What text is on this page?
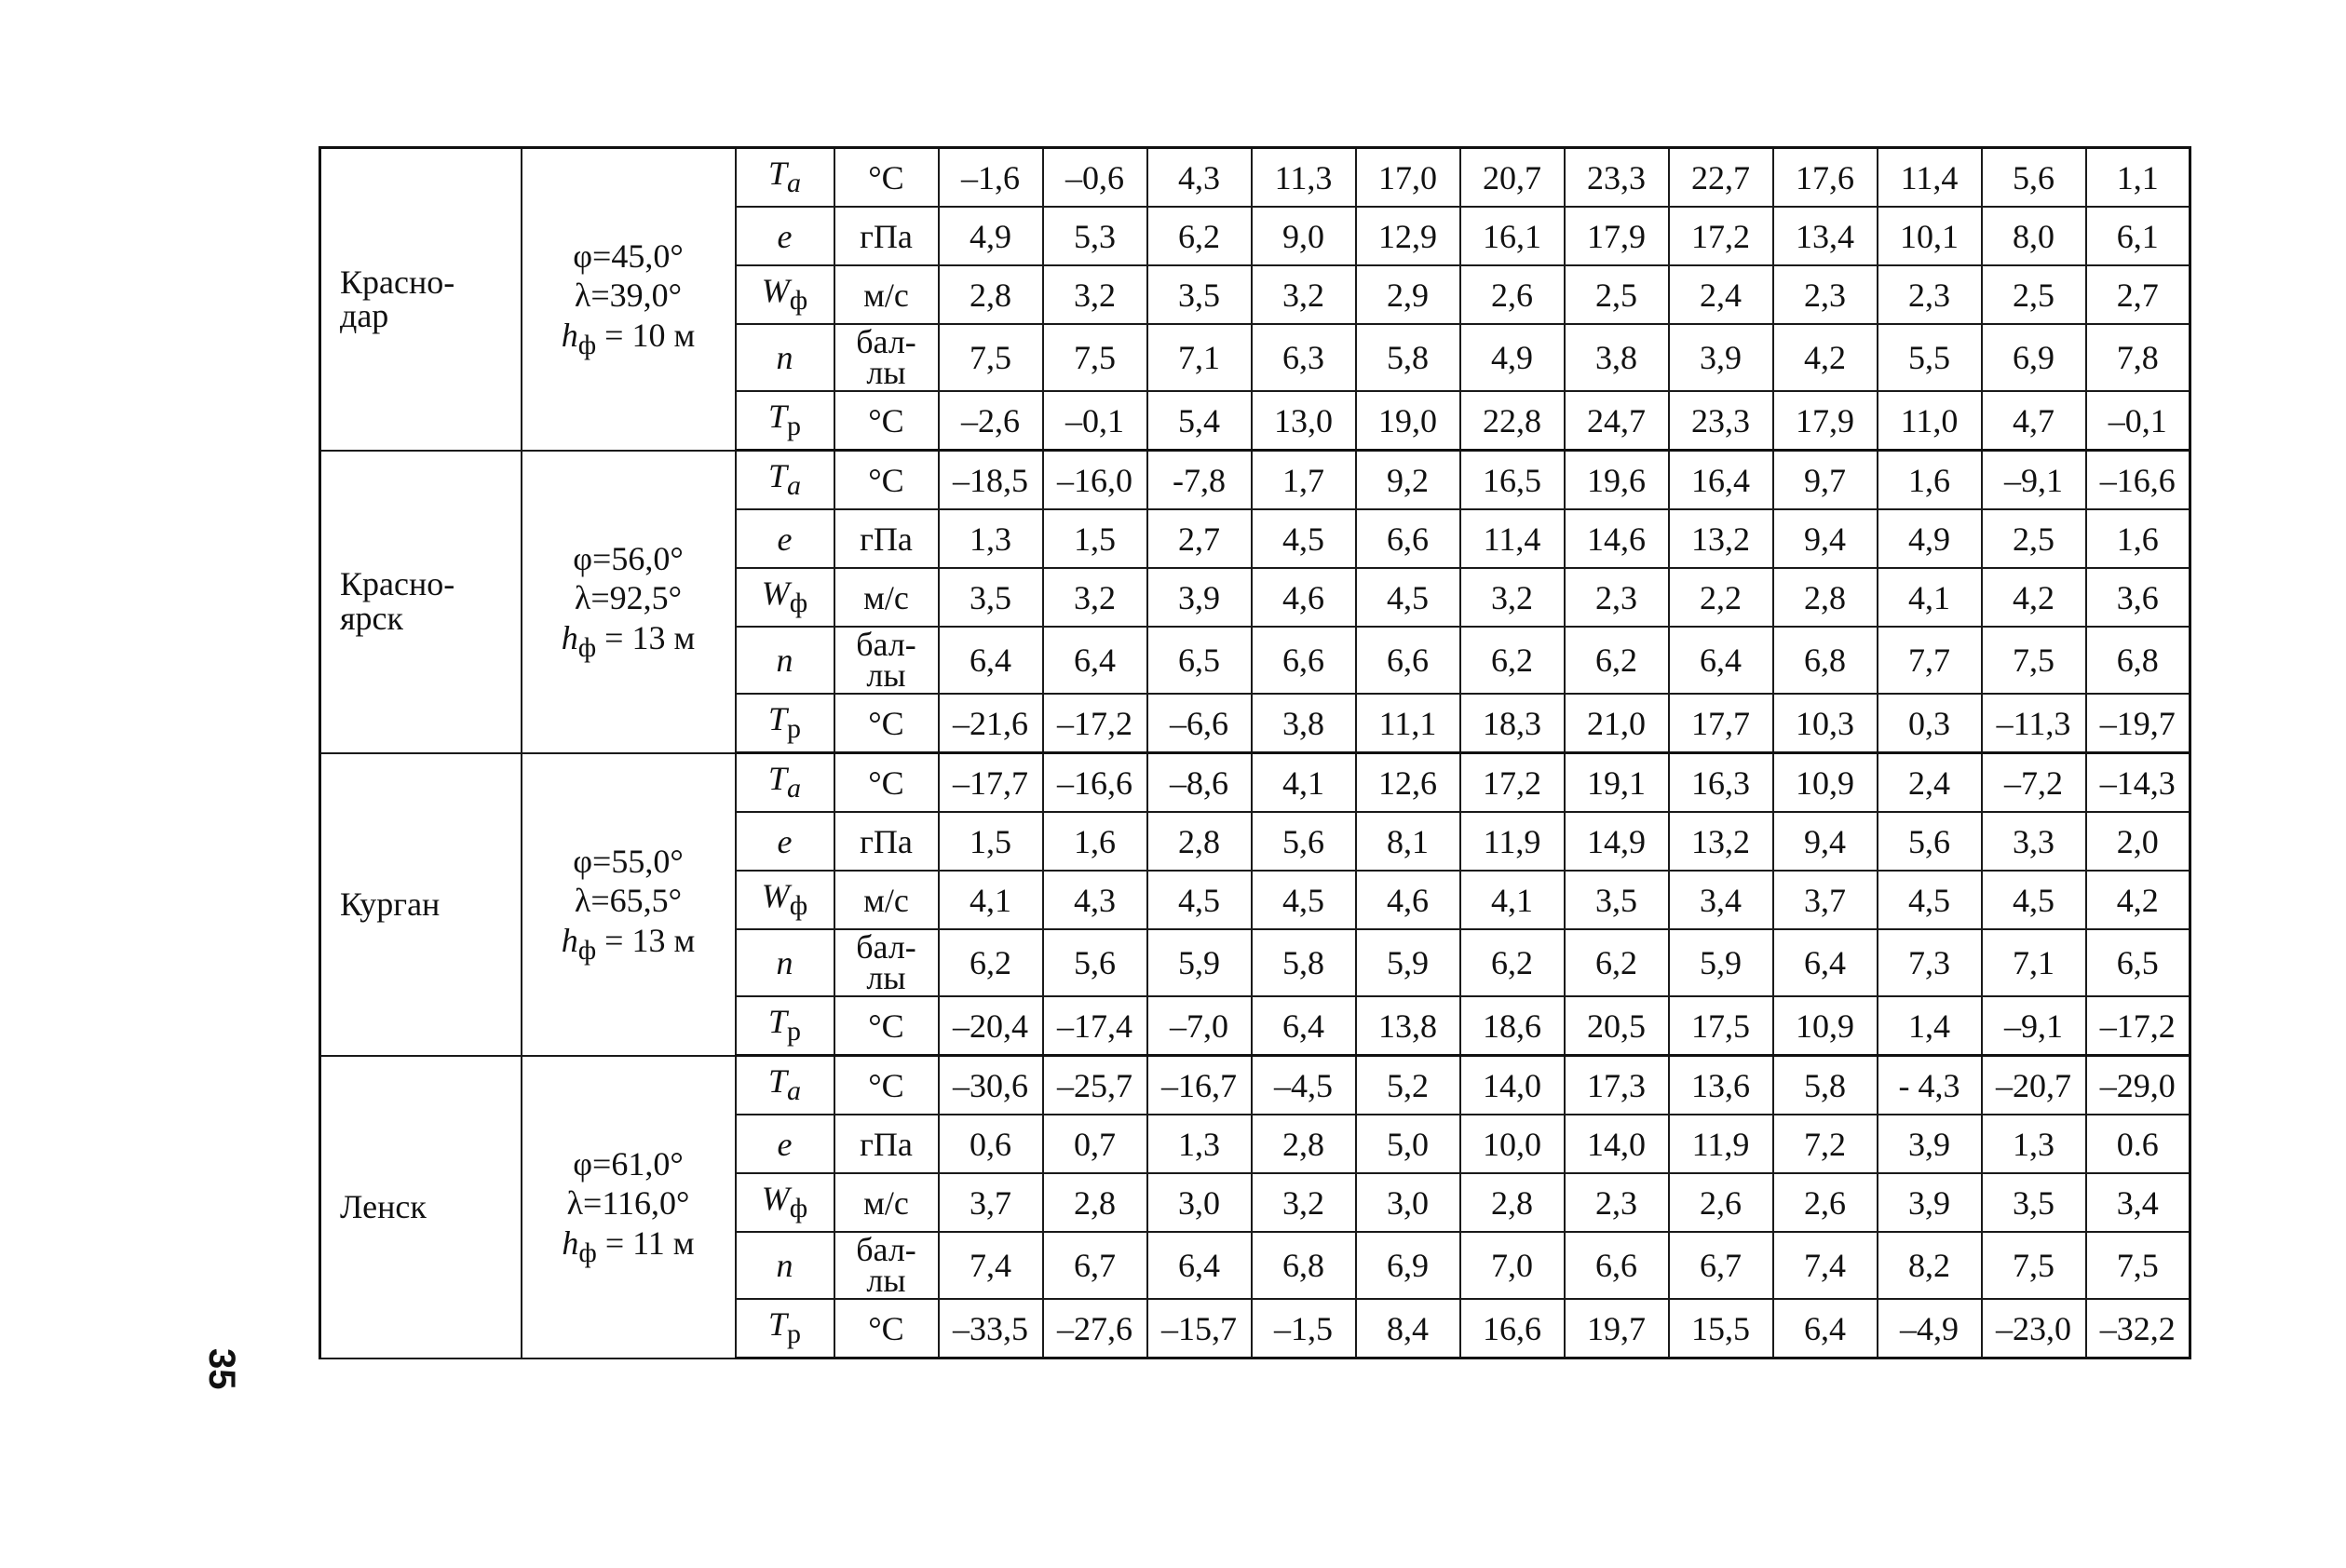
35
Красно-
дар	φ=45,0°
λ=39,0°
$h_ф = 10$ м	$T_a$	°С	–1,6	–0,6	4,3	11,3	17,0	20,7	23,3	22,7	17,6	11,4	5,6	1,1
		e	гПа	4,9	5,3	6,2	9,0	12,9	16,1	17,9	17,2	13,4	10,1	8,0	6,1
		$W_ф$	м/с	2,8	3,2	3,5	3,2	2,9	2,6	2,5	2,4	2,3	2,3	2,5	2,7
		n	бал-
лы	7,5	7,5	7,1	6,3	5,8	4,9	3,8	3,9	4,2	5,5	6,9	7,8
		$T_р$	°С	–2,6	–0,1	5,4	13,0	19,0	22,8	24,7	23,3	17,9	11,0	4,7	–0,1

Красно-
ярск	φ=56,0°
λ=92,5°
$h_ф = 13$ м	$T_a$	°С	–18,5	–16,0	-7,8	1,7	9,2	16,5	19,6	16,4	9,7	1,6	–9,1	–16,6
		e	гПа	1,3	1,5	2,7	4,5	6,6	11,4	14,6	13,2	9,4	4,9	2,5	1,6
		$W_ф$	м/с	3,5	3,2	3,9	4,6	4,5	3,2	2,3	2,2	2,8	4,1	4,2	3,6
		n	бал-
лы	6,4	6,4	6,5	6,6	6,6	6,2	6,2	6,4	6,8	7,7	7,5	6,8
		$T_р$	°С	–21,6	–17,2	–6,6	3,8	11,1	18,3	21,0	17,7	10,3	0,3	–11,3	–19,7

Курган	φ=55,0°
λ=65,5°
$h_ф = 13$ м	$T_a$	°С	–17,7	–16,6	–8,6	4,1	12,6	17,2	19,1	16,3	10,9	2,4	–7,2	–14,3
		e	гПа	1,5	1,6	2,8	5,6	8,1	11,9	14,9	13,2	9,4	5,6	3,3	2,0
		$W_ф$	м/с	4,1	4,3	4,5	4,5	4,6	4,1	3,5	3,4	3,7	4,5	4,5	4,2
		n	бал-
лы	6,2	5,6	5,9	5,8	5,9	6,2	6,2	5,9	6,4	7,3	7,1	6,5
		$T_р$	°С	–20,4	–17,4	–7,0	6,4	13,8	18,6	20,5	17,5	10,9	1,4	–9,1	–17,2

Ленск	φ=61,0°
λ=116,0°
$h_ф = 11$ м	$T_a$	°С	–30,6	–25,7	–16,7	–4,5	5,2	14,0	17,3	13,6	5,8	- 4,3	–20,7	–29,0
		e	гПа	0,6	0,7	1,3	2,8	5,0	10,0	14,0	11,9	7,2	3,9	1,3	0.6
		$W_ф$	м/с	3,7	2,8	3,0	3,2	3,0	2,8	2,3	2,6	2,6	3,9	3,5	3,4
		n	бал-
лы	7,4	6,7	6,4	6,8	6,9	7,0	6,6	6,7	7,4	8,2	7,5	7,5
		$T_р$	°С	–33,5	–27,6	–15,7	–1,5	8,4	16,6	19,7	15,5	6,4	–4,9	–23,0	–32,2
